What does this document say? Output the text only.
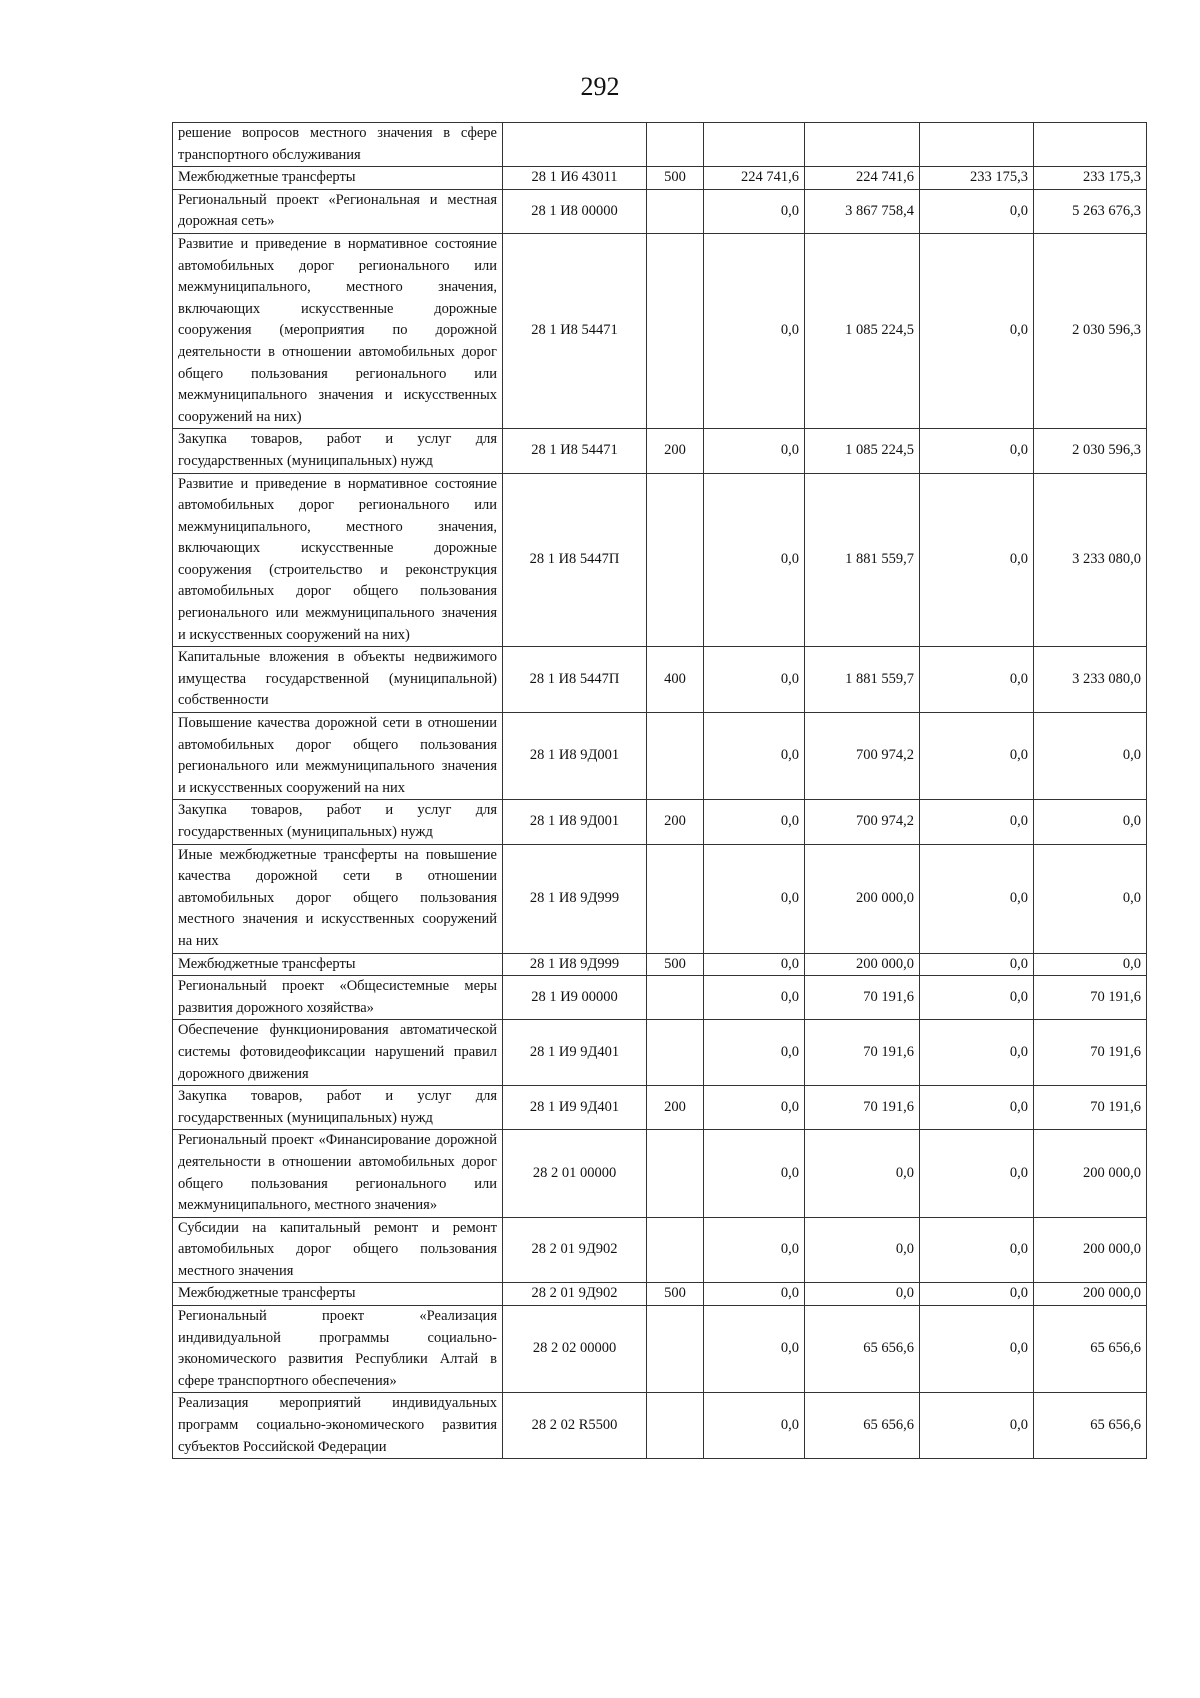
292
решение вопросов местного значения в сфере транспортного обслуживания						
Межбюджетные трансферты	28 1 И6 43011	500	224 741,6	224 741,6	233 175,3	233 175,3
Региональный проект «Региональная и местная дорожная сеть»	28 1 И8 00000		0,0	3 867 758,4	0,0	5 263 676,3
Развитие и приведение в нормативное состояние автомобильных дорог регионального или межмуниципального, местного значения, включающих искусственные дорожные сооружения (мероприятия по дорожной деятельности в отношении автомобильных дорог общего пользования регионального или межмуниципального значения и искусственных сооружений на них)	28 1 И8 54471		0,0	1 085 224,5	0,0	2 030 596,3
Закупка товаров, работ и услуг для государственных (муниципальных) нужд	28 1 И8 54471	200	0,0	1 085 224,5	0,0	2 030 596,3
Развитие и приведение в нормативное состояние автомобильных дорог регионального или межмуниципального, местного значения, включающих искусственные дорожные сооружения (строительство и реконструкция автомобильных дорог общего пользования регионального или межмуниципального значения и искусственных сооружений на них)	28 1 И8 5447П		0,0	1 881 559,7	0,0	3 233 080,0
Капитальные вложения в объекты недвижимого имущества государственной (муниципальной) собственности	28 1 И8 5447П	400	0,0	1 881 559,7	0,0	3 233 080,0
Повышение качества дорожной сети в отношении автомобильных дорог общего пользования регионального или межмуниципального значения и искусственных сооружений на них	28 1 И8 9Д001		0,0	700 974,2	0,0	0,0
Закупка товаров, работ и услуг для государственных (муниципальных) нужд	28 1 И8 9Д001	200	0,0	700 974,2	0,0	0,0
Иные межбюджетные трансферты на повышение качества дорожной сети в отношении автомобильных дорог общего пользования местного значения и искусственных сооружений на них	28 1 И8 9Д999		0,0	200 000,0	0,0	0,0
Межбюджетные трансферты	28 1 И8 9Д999	500	0,0	200 000,0	0,0	0,0
Региональный проект «Общесистемные меры развития дорожного хозяйства»	28 1 И9 00000		0,0	70 191,6	0,0	70 191,6
Обеспечение функционирования автоматической системы фотовидеофиксации нарушений правил дорожного движения	28 1 И9 9Д401		0,0	70 191,6	0,0	70 191,6
Закупка товаров, работ и услуг для государственных (муниципальных) нужд	28 1 И9 9Д401	200	0,0	70 191,6	0,0	70 191,6
Региональный проект «Финансирование дорожной деятельности в отношении автомобильных дорог общего пользования регионального или межмуниципального, местного значения»	28 2 01 00000		0,0	0,0	0,0	200 000,0
Субсидии на капитальный ремонт и ремонт автомобильных дорог общего пользования местного значения	28 2 01 9Д902		0,0	0,0	0,0	200 000,0
Межбюджетные трансферты	28 2 01 9Д902	500	0,0	0,0	0,0	200 000,0
Региональный проект «Реализация индивидуальной программы социально-экономического развития Республики Алтай в сфере транспортного обеспечения»	28 2 02 00000		0,0	65 656,6	0,0	65 656,6
Реализация мероприятий индивидуальных программ социально-экономического развития субъектов Российской Федерации	28 2 02 R5500		0,0	65 656,6	0,0	65 656,6
